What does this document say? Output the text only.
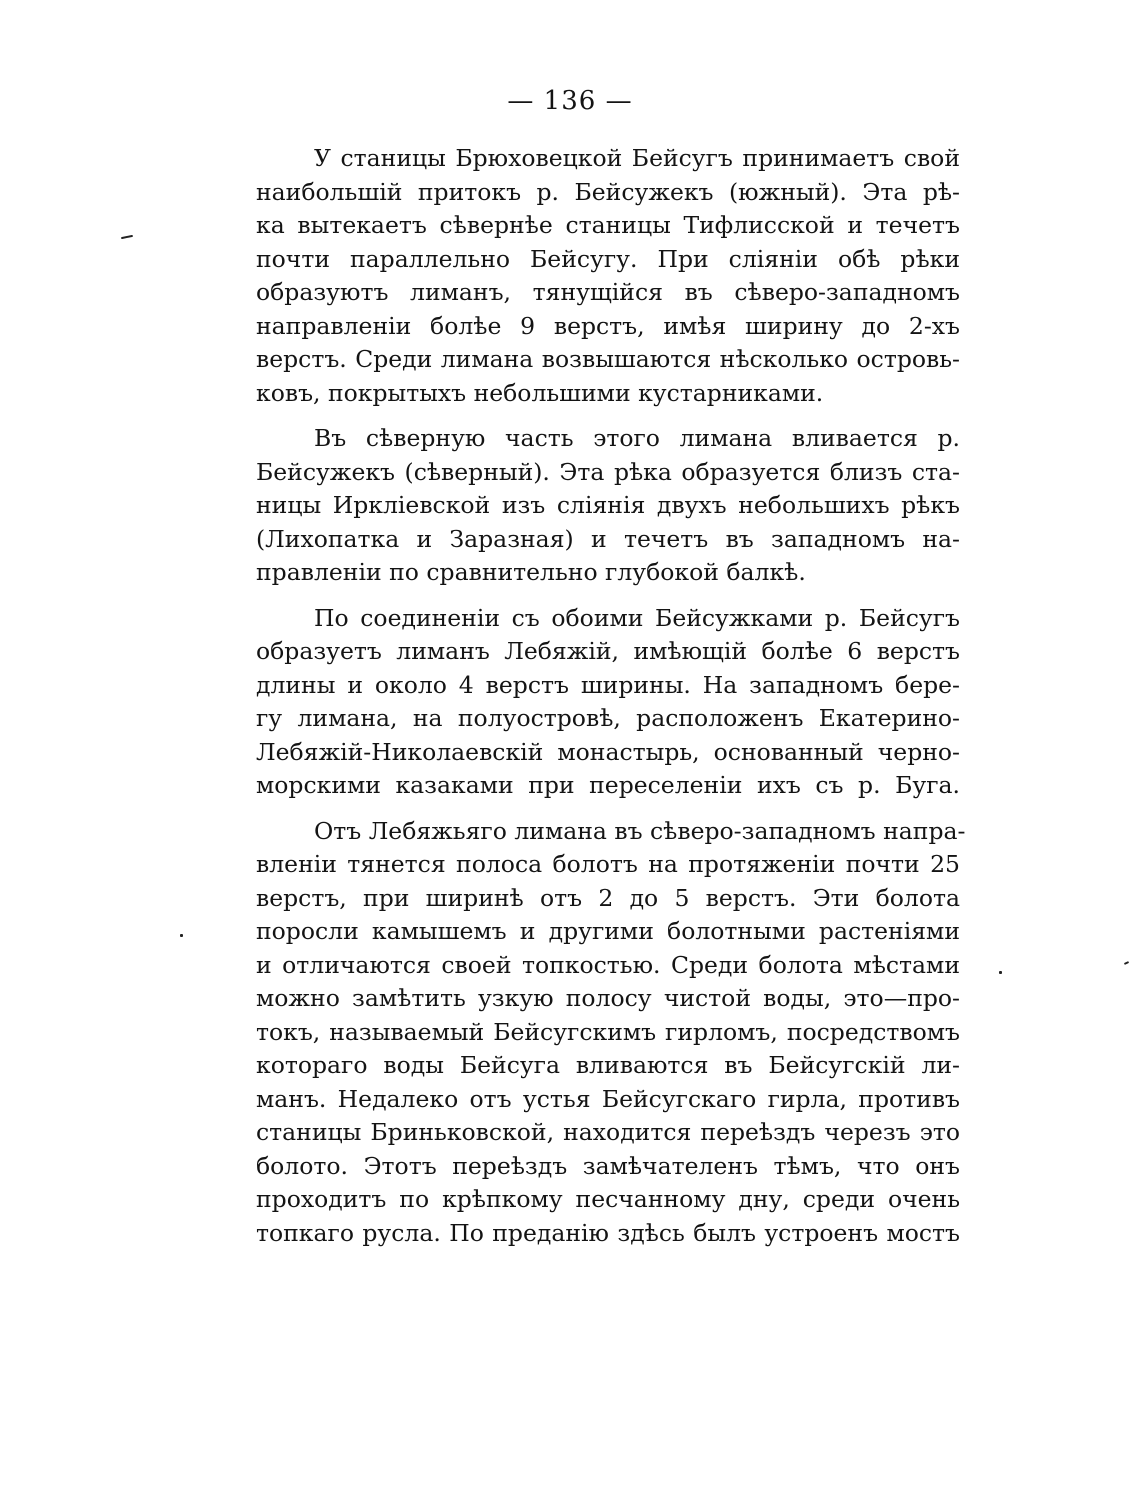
— 136 —
У станицы Брюховецкой Бейсугъ принимаетъ свой
наибольшій притокъ р. Бейсужекъ (южный). Эта рѣ-
ка вытекаетъ сѣвернѣе станицы Тифлисской и течетъ
почти параллельно Бейсугу. При сліяніи обѣ рѣки
образуютъ лиманъ, тянущійся въ сѣверо-западномъ
направленіи болѣе 9 верстъ, имѣя ширину до 2-хъ
верстъ. Среди лимана возвышаются нѣсколько островь-
ковъ, покрытыхъ небольшими кустарниками.
Въ сѣверную часть этого лимана вливается р.
Бейсужекъ (сѣверный). Эта рѣка образуется близъ ста-
ницы Ирклiевской изъ сліянія двухъ небольшихъ рѣкъ
(Лихопатка и Заразная) и течетъ въ западномъ на-
правленіи по сравнительно глубокой балкѣ.
По соединеніи съ обоими Бейсужками р. Бейсугъ
образуетъ лиманъ Лебяжій, имѣющій болѣе 6 верстъ
длины и около 4 верстъ ширины. На западномъ бере-
гу лимана, на полуостровѣ, расположенъ Екатерино-
Лебяжій-Николаевскій монастырь, основанный черно-
морскими казаками при переселеніи ихъ съ р. Буга.
Отъ Лебяжьяго лимана въ сѣверо-западномъ напра-
вленіи тянется полоса болотъ на протяженіи почти 25
верстъ, при ширинѣ отъ 2 до 5 верстъ. Эти болота
поросли камышемъ и другими болотными растеніями
и отличаются своей топкостью. Среди болота мѣстами
можно замѣтить узкую полосу чистой воды, это—про-
токъ, называемый Бейсугскимъ гирломъ, посредствомъ
котораго воды Бейсуга вливаются въ Бейсугскій ли-
манъ. Недалеко отъ устья Бейсугскаго гирла, противъ
станицы Бриньковской, находится переѣздъ черезъ это
болото. Этотъ переѣздъ замѣчателенъ тѣмъ, что онъ
проходитъ по крѣпкому песчанному дну, среди очень
топкаго русла. По преданію здѣсь былъ устроенъ мостъ
